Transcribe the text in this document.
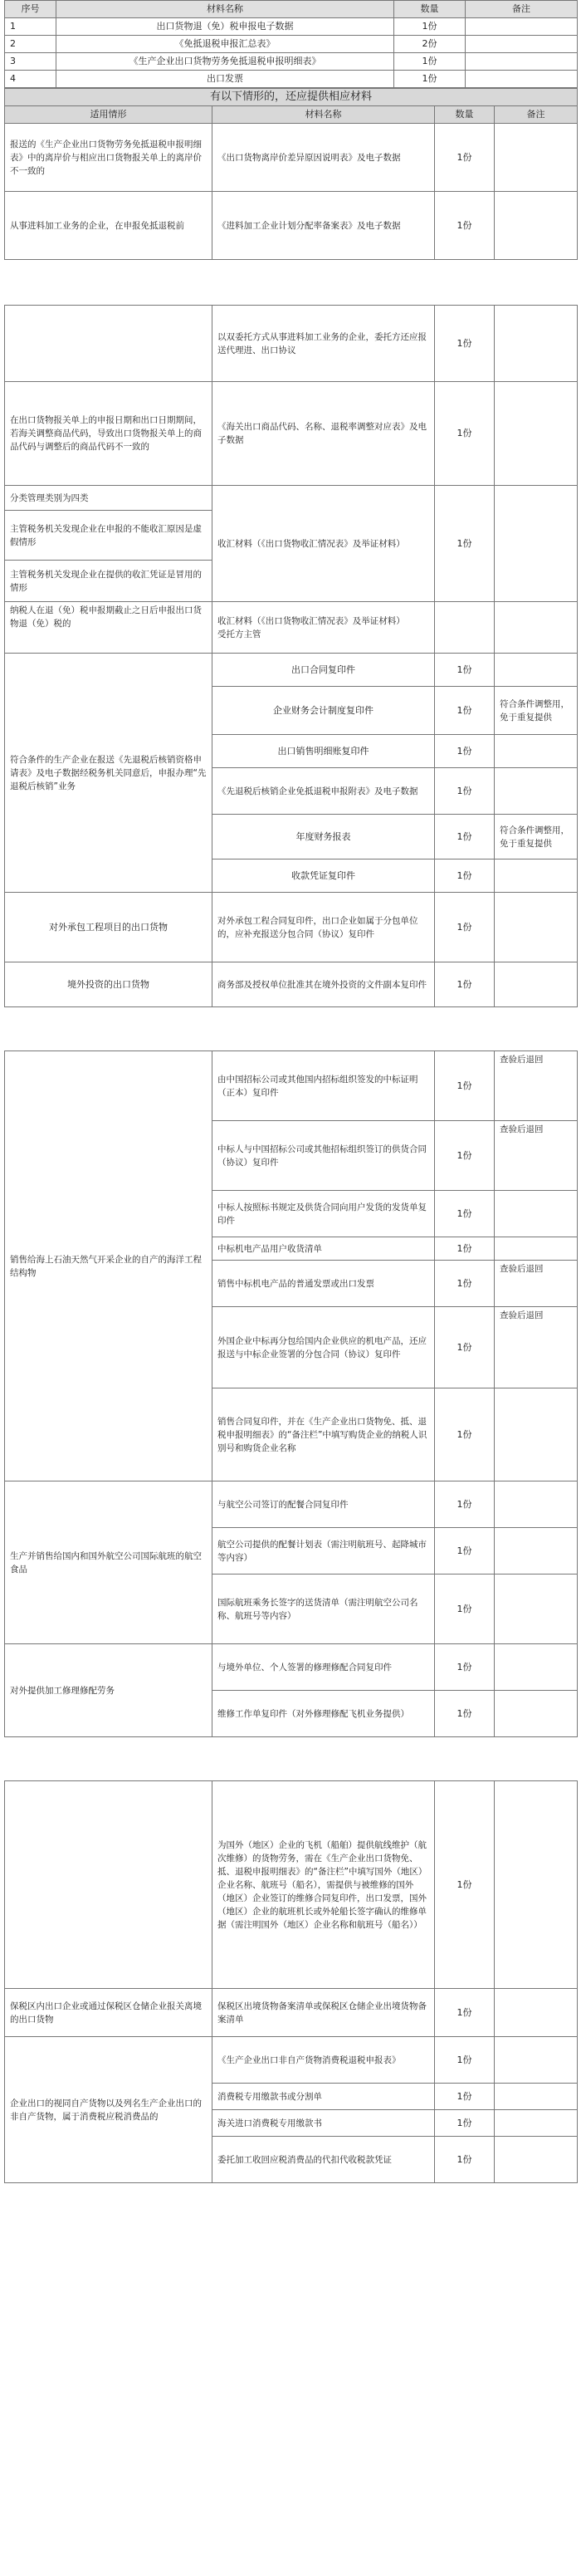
序号	材料名称	数量	备注
1	出口货物退（免）税申报电子数据	1份	
2	《免抵退税申报汇总表》	2份	
3	《生产企业出口货物劳务免抵退税申报明细表》	1份	
4	出口发票	1份	
有以下情形的，还应提供相应材料			
适用情形	材料名称	数量	备注
报送的《生产企业出口货物劳务免抵退税申报明细表》中的离岸价与相应出口货物报关单上的离岸价不一致的	《出口货物离岸价差异原因说明表》及电子数据	1份	
从事进料加工业务的企业，在申报免抵退税前	《进料加工企业计划分配率备案表》及电子数据	1份	
	以双委托方式从事进料加工业务的企业，委托方还应报送代理进、出口协议	1份	
在出口货物报关单上的申报日期和出口日期期间，若海关调整商品代码，导致出口货物报关单上的商品代码与调整后的商品代码不一致的	《海关出口商品代码、名称、退税率调整对应表》及电子数据	1份	
分类管理类别为四类	收汇材料（《出口货物收汇情况表》及举证材料）	1份	
主管税务机关发现企业在申报的不能收汇原因是虚假情形			
主管税务机关发现企业在提供的收汇凭证是冒用的情形			
纳税人在退（免）税申报期截止之日后申报出口货物退（免）税的	收汇材料（《出口货物收汇情况表》及举证材料）
受托方主管		
符合条件的生产企业在报送《先退税后核销资格申请表》及电子数据经税务机关同意后，申报办理“先退税后核销”业务	出口合同复印件	1份	
	企业财务会计制度复印件	1份	符合条件调整用，免于重复提供
	出口销售明细账复印件	1份	
	《先退税后核销企业免抵退税申报附表》及电子数据	1份	
	年度财务报表	1份	符合条件调整用，免于重复提供
	收款凭证复印件	1份	
对外承包工程项目的出口货物	对外承包工程合同复印件，出口企业如属于分包单位的，应补充报送分包合同（协议）复印件	1份	
境外投资的出口货物	商务部及授权单位批准其在境外投资的文件副本复印件	1份	
销售给海上石油天然气开采企业的自产的海洋工程结构物	由中国招标公司或其他国内招标组织签发的中标证明（正本）复印件	1份	查验后退回
	中标人与中国招标公司或其他招标组织签订的供货合同（协议）复印件	1份	查验后退回
	中标人按照标书规定及供货合同向用户发货的发货单复印件	1份	
	中标机电产品用户收货清单	1份	
	销售中标机电产品的普通发票或出口发票	1份	查验后退回
	外国企业中标再分包给国内企业供应的机电产品，还应报送与中标企业签署的分包合同（协议）复印件	1份	查验后退回
	销售合同复印件，并在《生产企业出口货物免、抵、退税申报明细表》的“备注栏”中填写购货企业的纳税人识别号和购货企业名称	1份	
生产并销售给国内和国外航空公司国际航班的航空食品	与航空公司签订的配餐合同复印件	1份	
	航空公司提供的配餐计划表（需注明航班号、起降城市等内容）	1份	
	国际航班乘务长签字的送货清单（需注明航空公司名称、航班号等内容）	1份	
对外提供加工修理修配劳务	与境外单位、个人签署的修理修配合同复印件	1份	
	维修工作单复印件（对外修理修配飞机业务提供）	1份	
	为国外（地区）企业的飞机（船舶）提供航线维护（航次维修）的货物劳务，需在《生产企业出口货物免、抵、退税申报明细表》的“备注栏”中填写国外（地区）企业名称、航班号（船名），需提供与被维修的国外（地区）企业签订的维修合同复印件，出口发票，国外（地区）企业的航班机长或外轮船长签字确认的维修单据（需注明国外（地区）企业名称和航班号（船名））	1份	
保税区内出口企业或通过保税区仓储企业报关离境的出口货物	保税区出境货物备案清单或保税区仓储企业出境货物备案清单	1份	
企业出口的视同自产货物以及列名生产企业出口的非自产货物，属于消费税应税消费品的	《生产企业出口非自产货物消费税退税申报表》	1份	
	消费税专用缴款书或分割单	1份	
	海关进口消费税专用缴款书	1份	
	委托加工收回应税消费品的代扣代收税款凭证	1份	
